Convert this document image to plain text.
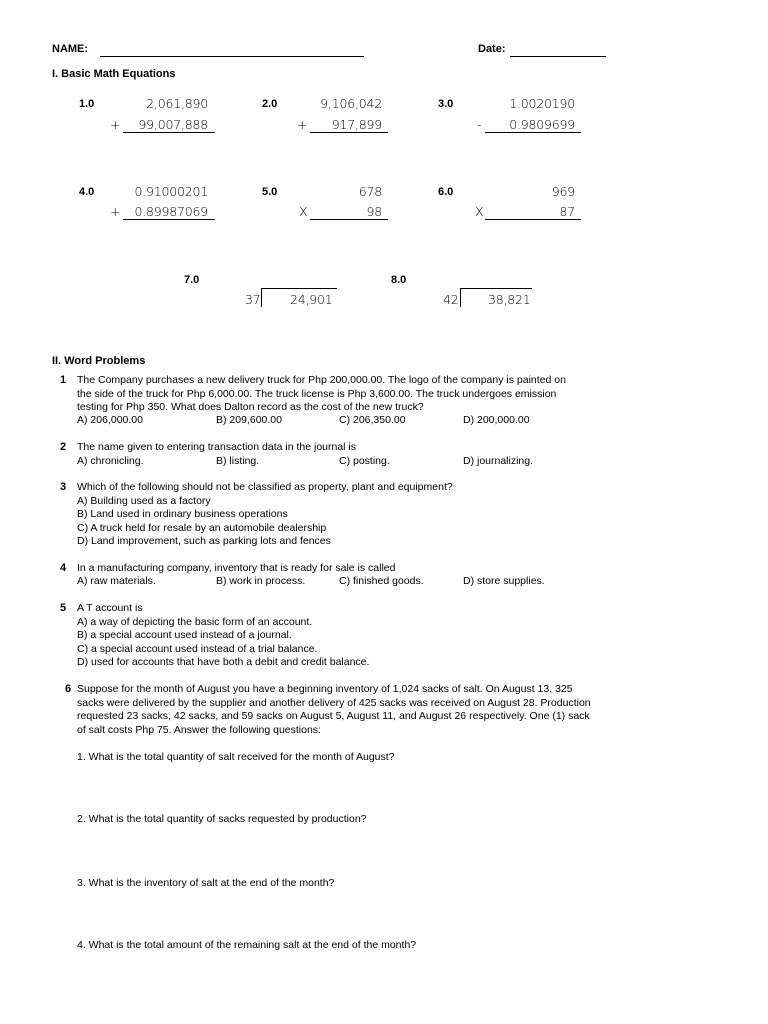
NAME:	Date:
I. Basic Math Equations
1.0	2,061,890
+	99,007,888
2.0	9,106,042
+	917,899
3.0	1.0020190
-	0.9809699
4.0	0.91000201
+	0.89987069
5.0	678
X	98
6.0	969
X	87
7.0
37 24,901
8.0
42 38,821
II. Word Problems
1 The Company purchases a new delivery truck for Php 200,000.00. The logo of the company is painted on
the side of the truck for Php 6,000.00. The truck license is Php 3,600.00. The truck undergoes emission
testing for Php 350. What does Dalton record as the cost of the new truck?
A) 206,000.00	B) 209,600.00	C) 206,350.00	D) 200,000.00
2 The name given to entering transaction data in the journal is
A) chronicling.	B) listing.	C) posting.	D) journalizing.
3 Which of the following should not be classified as property, plant and equipment?
A) Building used as a factory
B) Land used in ordinary business operations
C) A truck held for resale by an automobile dealership
D) Land improvement, such as parking lots and fences
4 In a manufacturing company, inventory that is ready for sale is called
A) raw materials.	B) work in process.	C) finished goods.	D) store supplies.
5 A T account is
A) a way of depicting the basic form of an account.
B) a special account used instead of a journal.
C) a special account used instead of a trial balance.
D) used for accounts that have both a debit and credit balance.
6 Suppose for the month of August you have a beginning inventory of 1,024 sacks of salt. On August 13, 325
sacks were delivered by the supplier and another delivery of 425 sacks was received on August 28. Production
requested 23 sacks, 42 sacks, and 59 sacks on August 5, August 11, and August 26 respectively. One (1) sack
of salt costs Php 75. Answer the following questions:
1. What is the total quantity of salt received for the month of August?
2. What is the total quantity of sacks requested by production?
3. What is the inventory of salt at the end of the month?
4. What is the total amount of the remaining salt at the end of the month?
